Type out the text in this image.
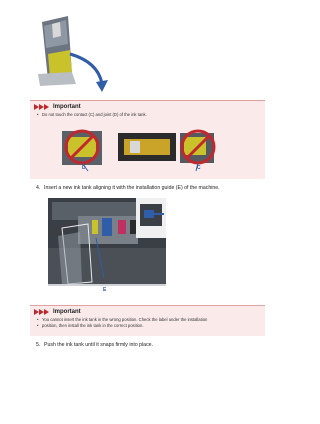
Important
• Do not touch the contact (C) and joint (D) of the ink tank.
D	C
4. Insert a new ink tank aligning it with the installation guide (E) of the machine.
E
Important
• You cannot insert the ink tank in the wrong position. Check the label under the installation
• position, then install the ink tank in the correct position.
5. Push the ink tank until it snaps firmly into place.
